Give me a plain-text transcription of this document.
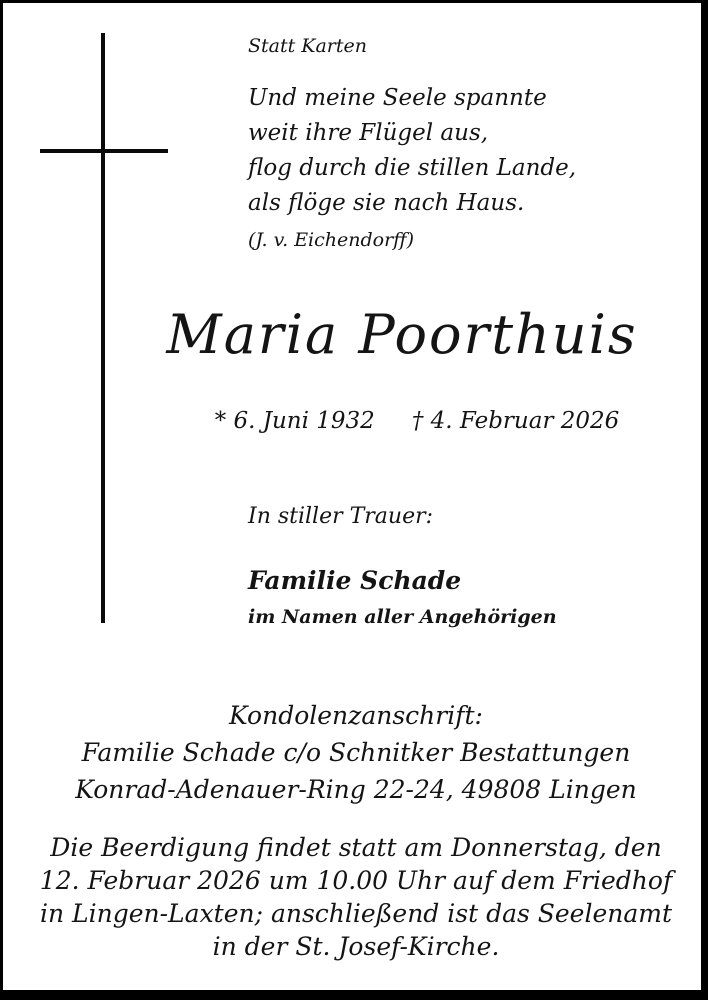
Statt Karten
Und meine Seele spannte
weit ihre Flügel aus,
flog durch die stillen Lande,
als flöge sie nach Haus.
(J. v. Eichendorff)
Maria Poorthuis
* 6. Juni 1932 † 4. Februar 2026
In stiller Trauer:
Familie Schade
im Namen aller Angehörigen
Kondolenzanschrift:
Familie Schade c/o Schnitker Bestattungen
Konrad-Adenauer-Ring 22-24, 49808 Lingen
Die Beerdigung findet statt am Donnerstag, den
12. Februar 2026 um 10.00 Uhr auf dem Friedhof
in Lingen-Laxten; anschließend ist das Seelenamt
in der St. Josef-Kirche.
